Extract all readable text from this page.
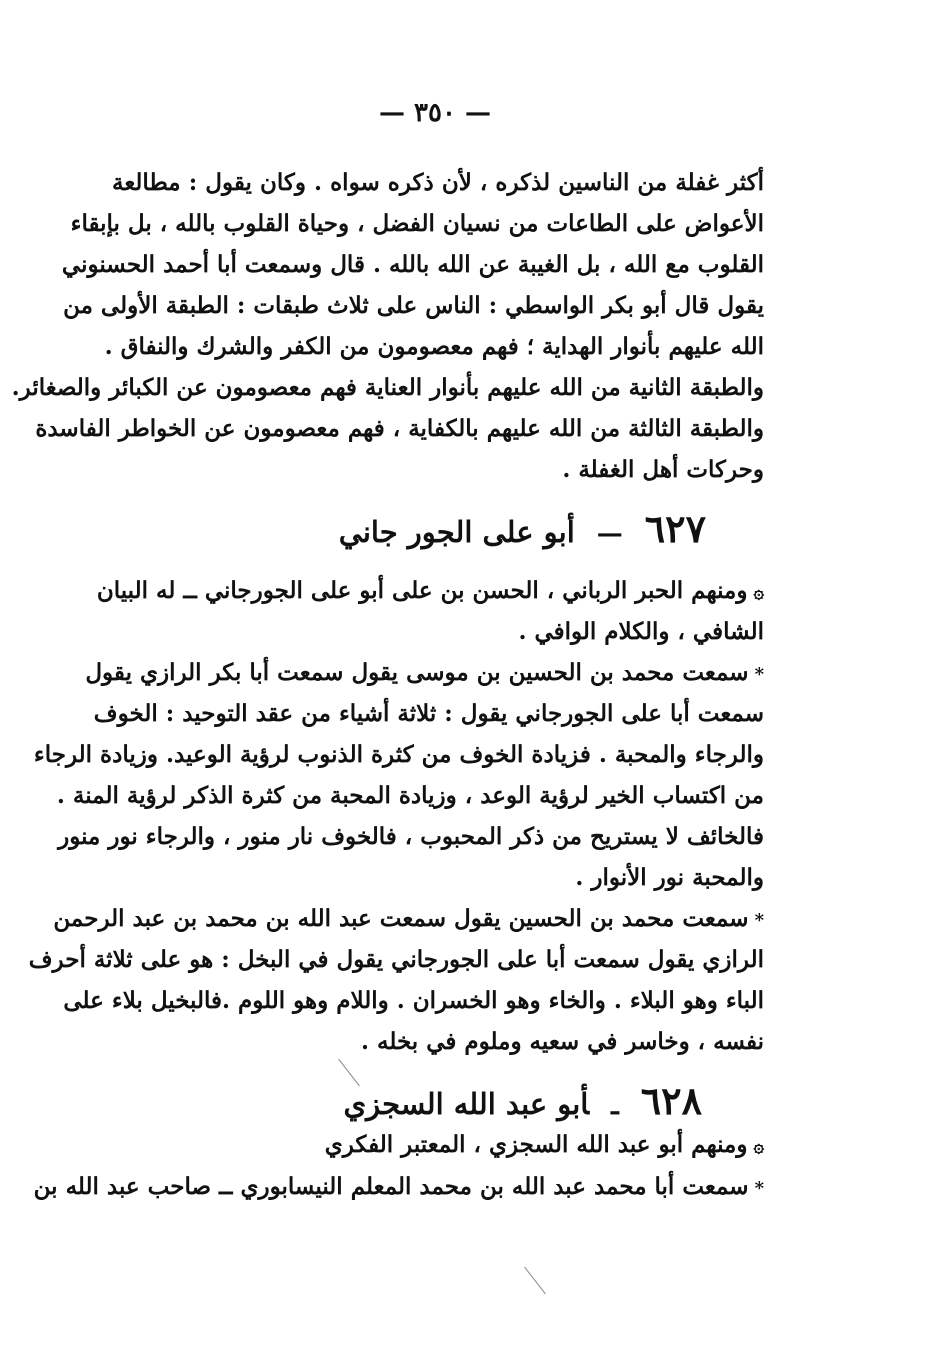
— ٣٥٠ —
أكثر غفلة من الناسين لذكره ، لأن ذكره سواه . وكان يقول : مطالعة
الأعواض على الطاعات من نسيان الفضل ، وحياة القلوب بالله ، بل بإبقاء
القلوب مع الله ، بل الغيبة عن الله بالله . قال وسمعت أبا أحمد الحسنوني
يقول قال أبو بكر الواسطي : الناس على ثلاث طبقات : الطبقة الأولى من
الله عليهم بأنوار الهداية ؛ فهم معصومون من الكفر والشرك والنفاق .
والطبقة الثانية من الله عليهم بأنوار العناية فهم معصومون عن الكبائر والصغائر.
والطبقة الثالثة من الله عليهم بالكفاية ، فهم معصومون عن الخواطر الفاسدة
وحركات أهل الغفلة .
٦٢٧—أبو على الجور جاني
۞ومنهم الحبر الرباني ، الحسن بن على أبو على الجورجاني ــ له البيان
الشافي ، والكلام الوافي .
*سمعت محمد بن الحسين بن موسى يقول سمعت أبا بكر الرازي يقول
سمعت أبا على الجورجاني يقول : ثلاثة أشياء من عقد التوحيد : الخوف
والرجاء والمحبة . فزيادة الخوف من كثرة الذنوب لرؤية الوعيد. وزيادة الرجاء
من اكتساب الخير لرؤية الوعد ، وزيادة المحبة من كثرة الذكر لرؤية المنة .
فالخائف لا يستريح من ذكر المحبوب ، فالخوف نار منور ، والرجاء نور منور
والمحبة نور الأنوار .
*سمعت محمد بن الحسين يقول سمعت عبد الله بن محمد بن عبد الرحمن
الرازي يقول سمعت أبا على الجورجاني يقول في البخل : هو على ثلاثة أحرف
الباء وهو البلاء . والخاء وهو الخسران . واللام وهو اللوم .فالبخيل بلاء على
نفسه ، وخاسر في سعيه وملوم في بخله .
٦٢٨ـأبو عبد الله السجزي
۞ومنهم أبو عبد الله السجزي ، المعتبر الفكري
*سمعت أبا محمد عبد الله بن محمد المعلم النيسابوري ــ صاحب عبد الله بن
